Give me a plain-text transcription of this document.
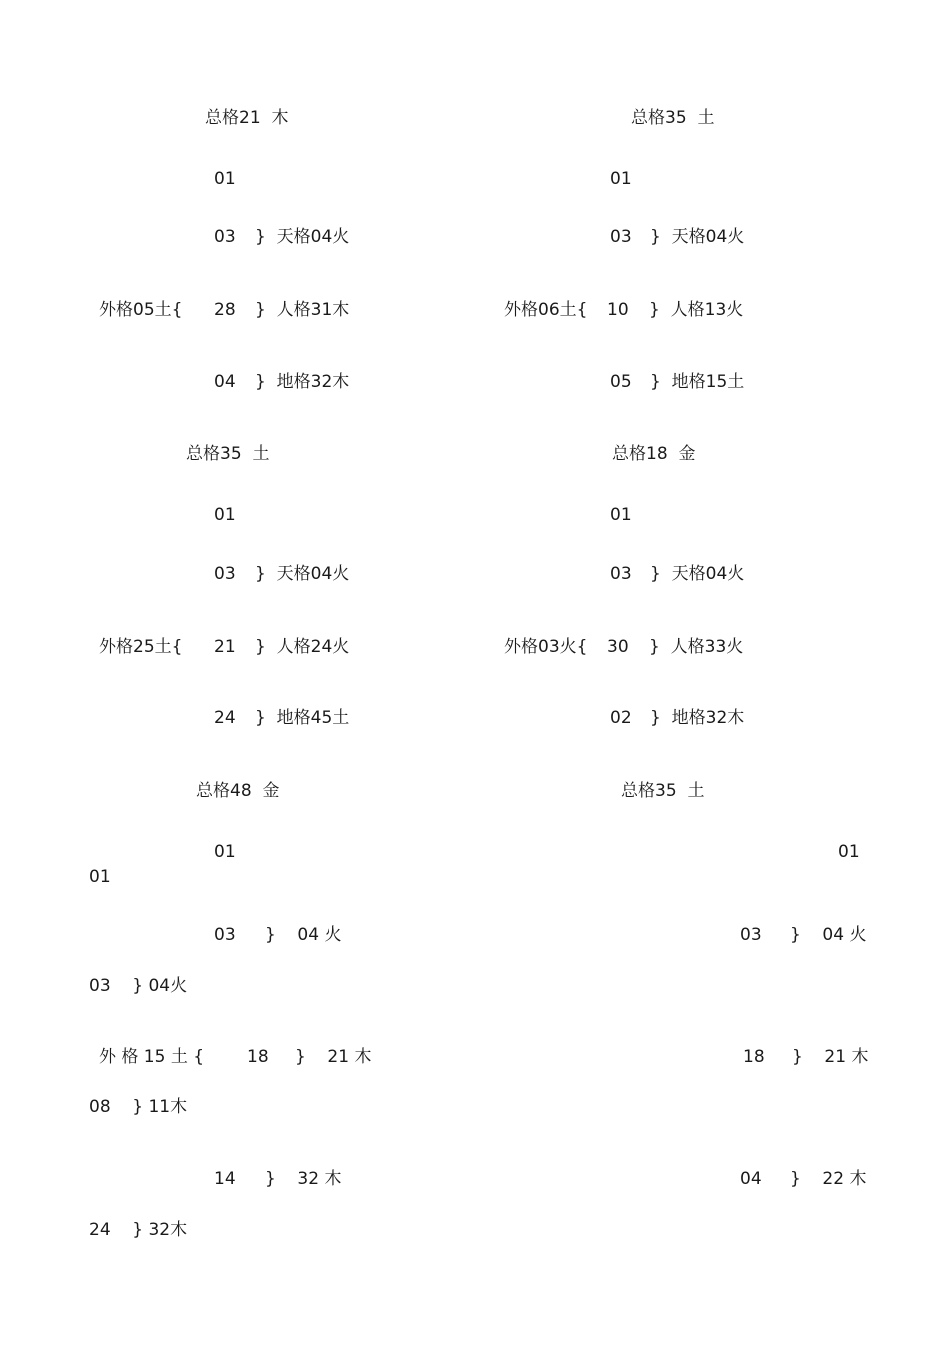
总格21  木
01
03 }  天格04火
外格05土{ 28 }  人格31木
04 }  地格32木
总格35  土
01
03 }  天格04火
外格06土{ 10 }  人格13火
05 }  地格15土
总格35  土
01
03 }  天格04火
外格25土{ 21 }  人格24火
24 }  地格45土
总格18  金
01
03 }  天格04火
外格03火{ 30 }  人格33火
02 }  地格32木
总格48  金
01
03 }    04 火
外 格 15 土 {	18 }    21 木
14 }    32 木
总格35  土
01
03 }    04 火
18 }    21 木
04 }    22 木
01
03    } 04火
08    } 11木
24    } 32木
